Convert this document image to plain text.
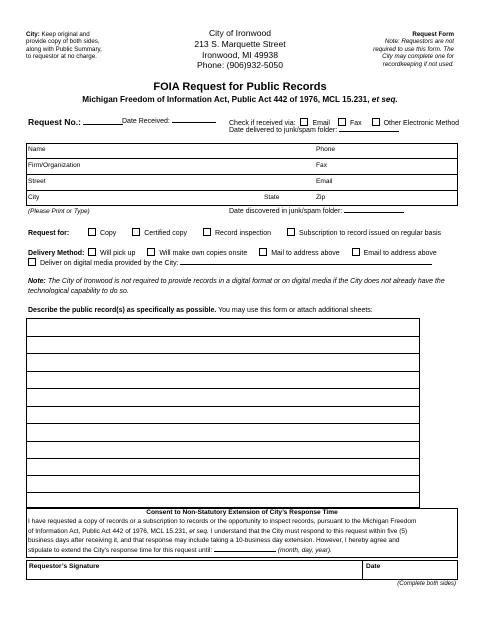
City: Keep original and
provide copy of both sides,
along with Public Summary,
to requestor at no charge.
City of Ironwood
213 S. Marquette Street
Ironwood, MI 49938
Phone: (906)932-5050
Request Form
Note: Requestors are not
required to use this form. The
City may complete one for
recordkeeping if not used.
FOIA Request for Public Records
Michigan Freedom of Information Act, Public Act 442 of 1976, MCL 15.231, et seq.
Request No.:	Date Received:	Check if received via: Email	Fax	Other Electronic Method
Date delivered to junk/spam folder:
Name	Phone
Firm/Organization	Fax
Street	Email
City	State	Zip
(Please Print or Type)	Date discovered in junk/spam folder:
Request for:	Copy	Certified copy	Record inspection	Subscription to record issued on regular basis
Delivery Method: Will pick up	Will make own copies onsite	Mail to address above	Email to address above
Deliver on digital media provided by the City:
Note: The City of Ironwood is not required to provide records in a digital format or on digital media if the City does not already have the
technological capability to do so.
Describe the public record(s) as specifically as possible. You may use this form or attach additional sheets:
Consent to Non-Statutory Extension of City’s Response Time
I have requested a copy of records or a subscription to records or the opportunity to inspect records, pursuant to the Michigan Freedom
of Information Act, Public Act 442 of 1976, MCL 15.231, et seq. I understand that the City must respond to this request within five (5)
business days after receiving it, and that response may include taking a 10-business day extension. However, I hereby agree and
stipulate to extend the City’s response time for this request until:	(month, day, year).
Requestor’s Signature	Date
(Complete both sides)
